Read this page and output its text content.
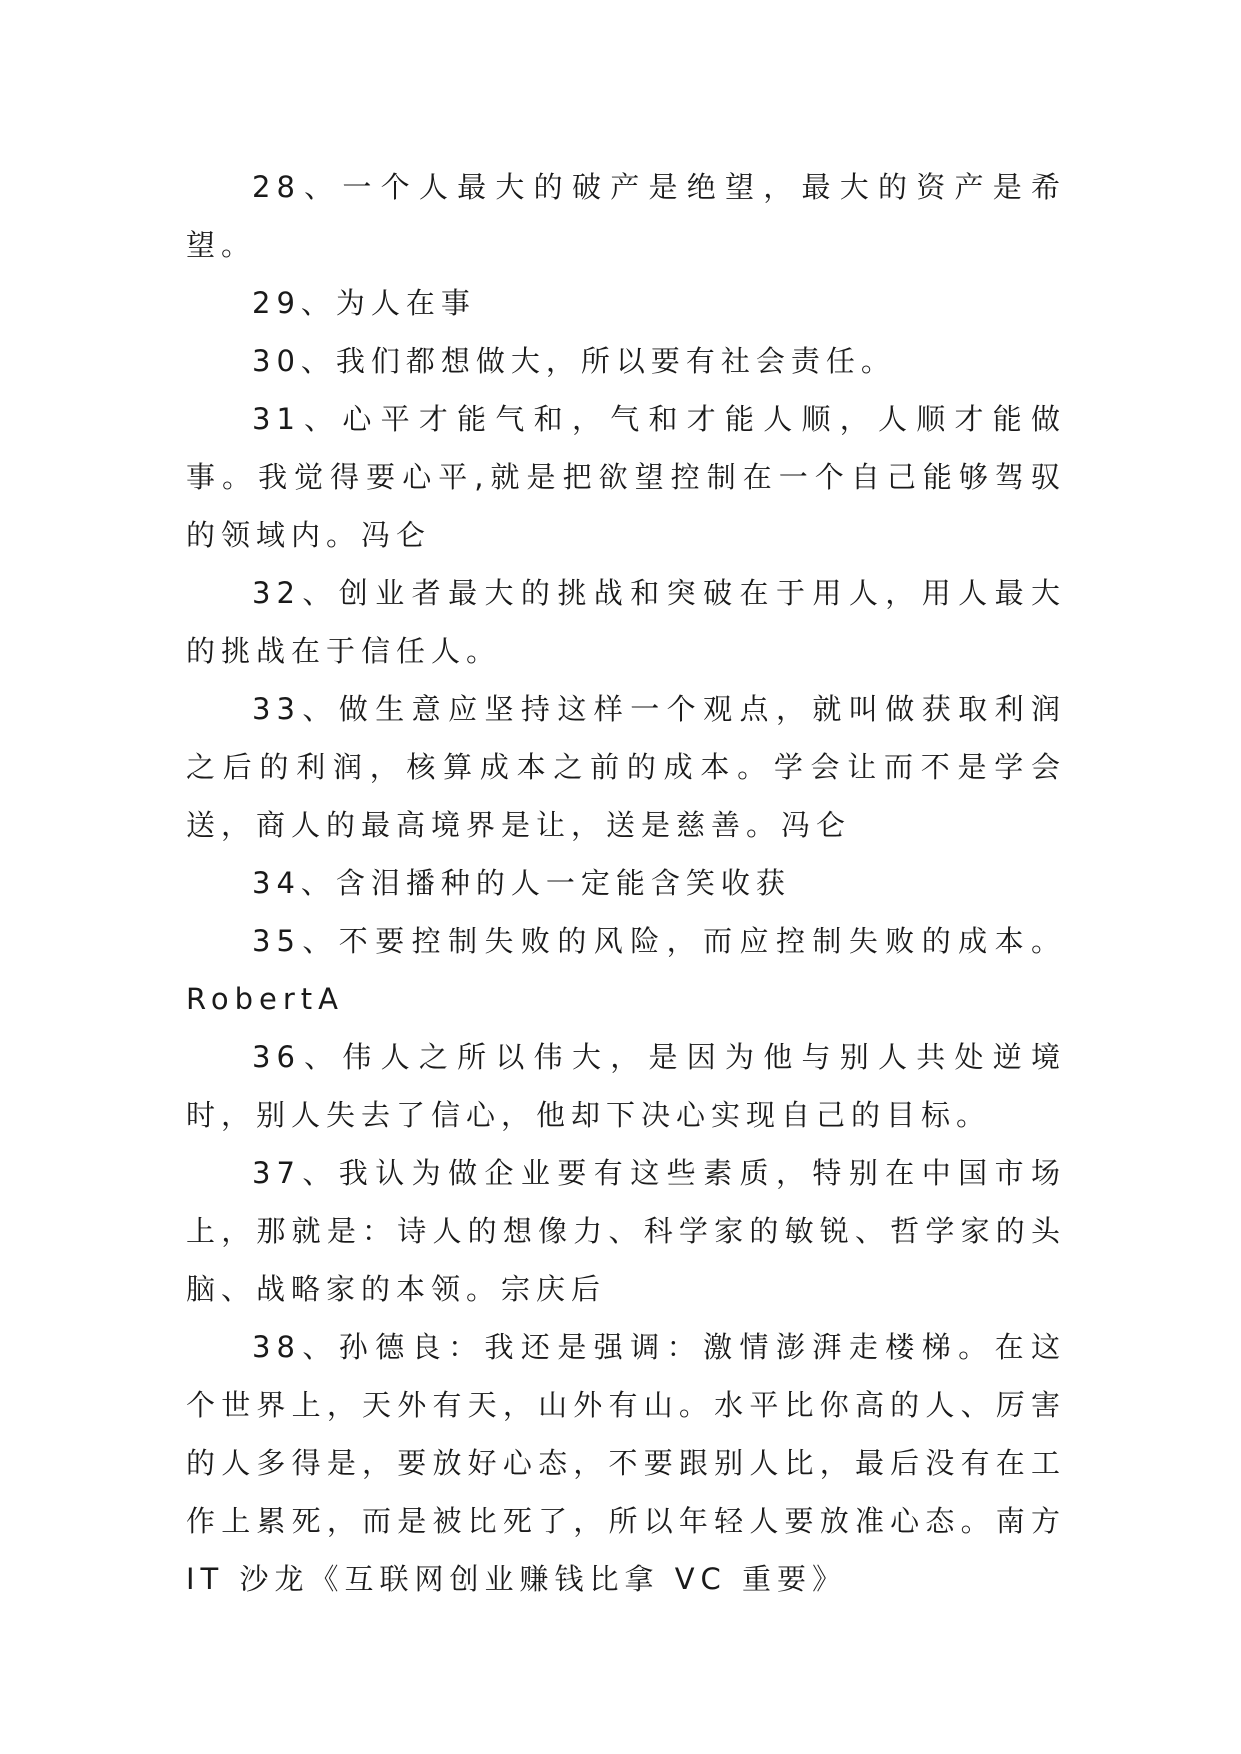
28、一个人最大的破产是绝望，最大的资产是希望。

29、为人在事

30、我们都想做大，所以要有社会责任。

31、心平才能气和，气和才能人顺，人顺才能做事。我觉得要心平,就是把欲望控制在一个自己能够驾驭的领域内。冯仑

32、创业者最大的挑战和突破在于用人，用人最大的挑战在于信任人。

33、做生意应坚持这样一个观点，就叫做获取利润之后的利润，核算成本之前的成本。学会让而不是学会送，商人的最高境界是让，送是慈善。冯仑

34、含泪播种的人一定能含笑收获

35、不要控制失败的风险，而应控制失败的成本。RobertA

36、伟人之所以伟大，是因为他与别人共处逆境时，别人失去了信心，他却下决心实现自己的目标。

37、我认为做企业要有这些素质，特别在中国市场上，那就是：诗人的想像力、科学家的敏锐、哲学家的头脑、战略家的本领。宗庆后

38、孙德良：我还是强调：激情澎湃走楼梯。在这个世界上，天外有天，山外有山。水平比你高的人、厉害的人多得是，要放好心态，不要跟别人比，最后没有在工作上累死，而是被比死了，所以年轻人要放准心态。南方 IT 沙龙《互联网创业赚钱比拿 VC 重要》
